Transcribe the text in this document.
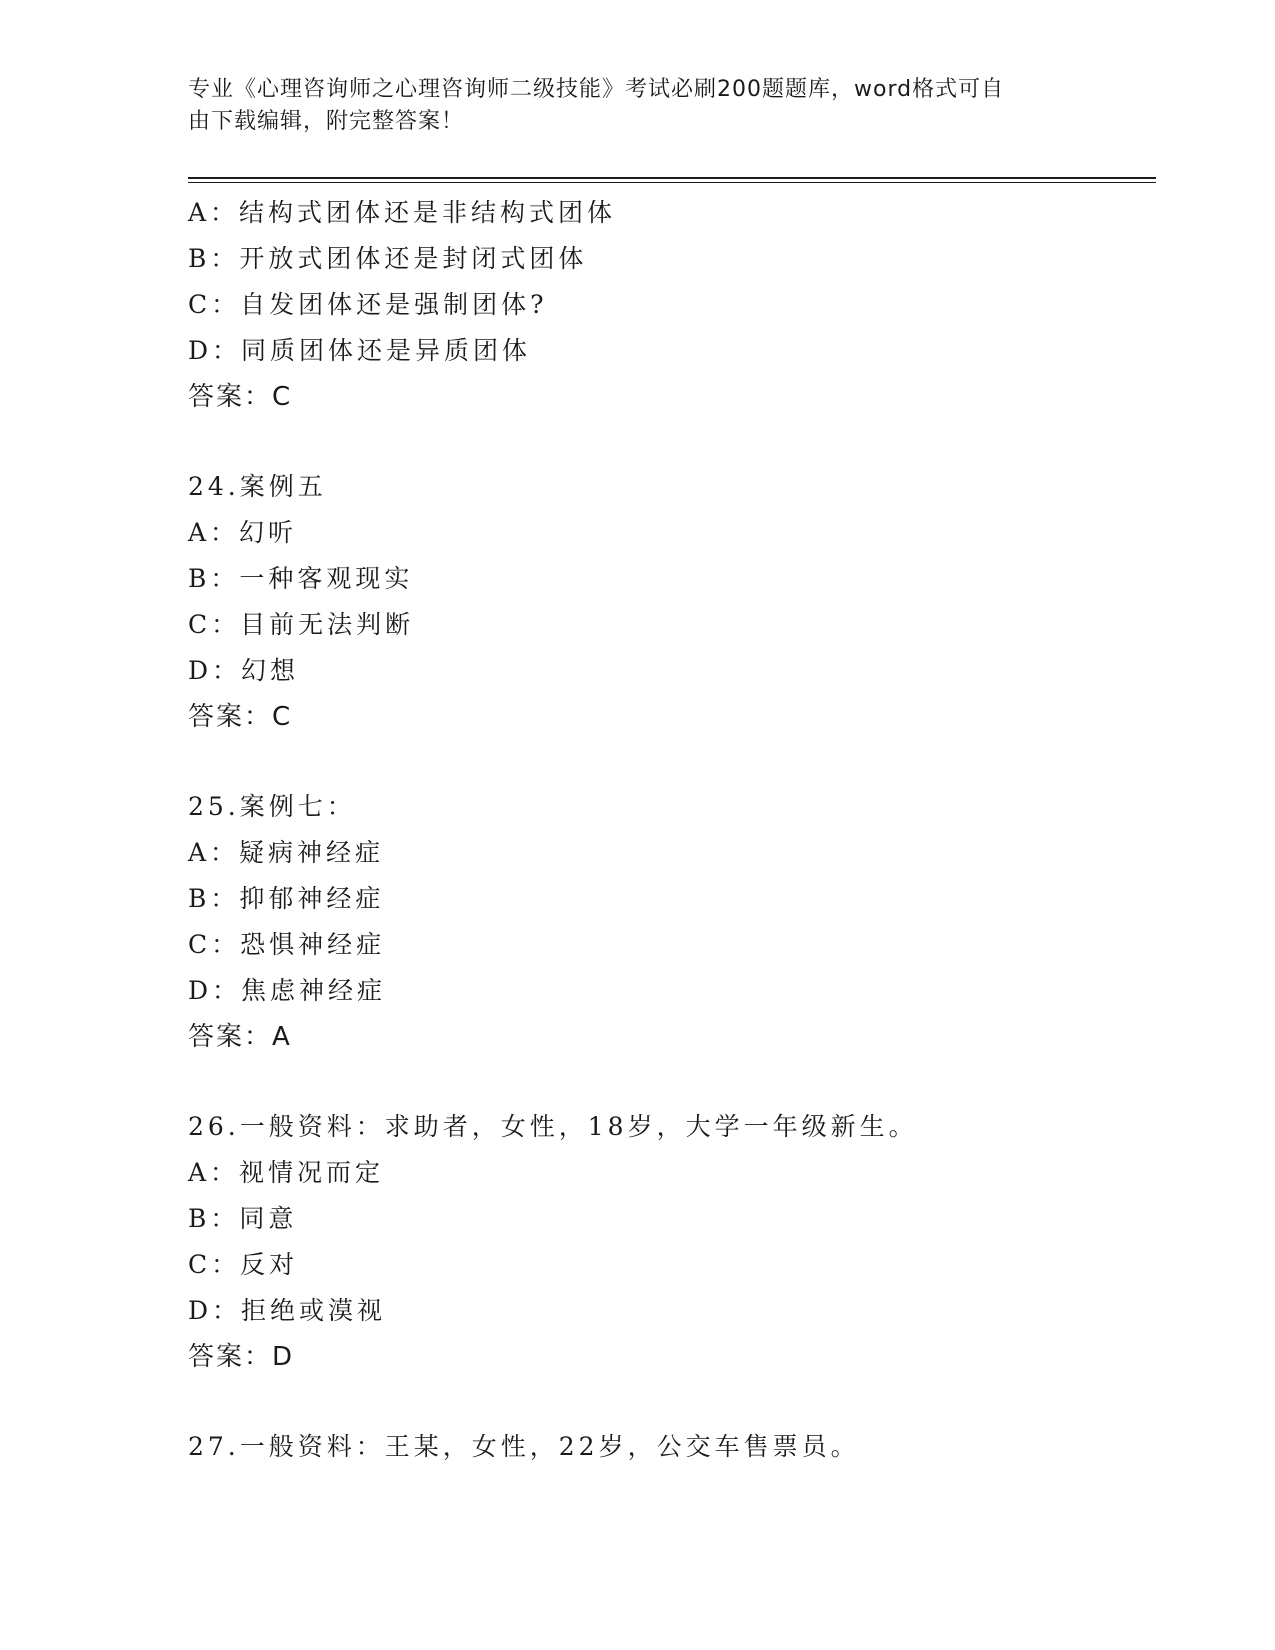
专业《心理咨询师之心理咨询师二级技能》考试必刷200题题库，word格式可自
由下载编辑，附完整答案！
A：结构式团体还是非结构式团体
B：开放式团体还是封闭式团体
C：自发团体还是强制团体?
D：同质团体还是异质团体
答案：C
24.案例五
A：幻听
B：一种客观现实
C：目前无法判断
D：幻想
答案：C
25.案例七：
A：疑病神经症
B：抑郁神经症
C：恐惧神经症
D：焦虑神经症
答案：A
26.一般资料：求助者，女性，18岁，大学一年级新生。
A：视情况而定
B：同意
C：反对
D：拒绝或漠视
答案：D
27.一般资料：王某，女性，22岁，公交车售票员。
